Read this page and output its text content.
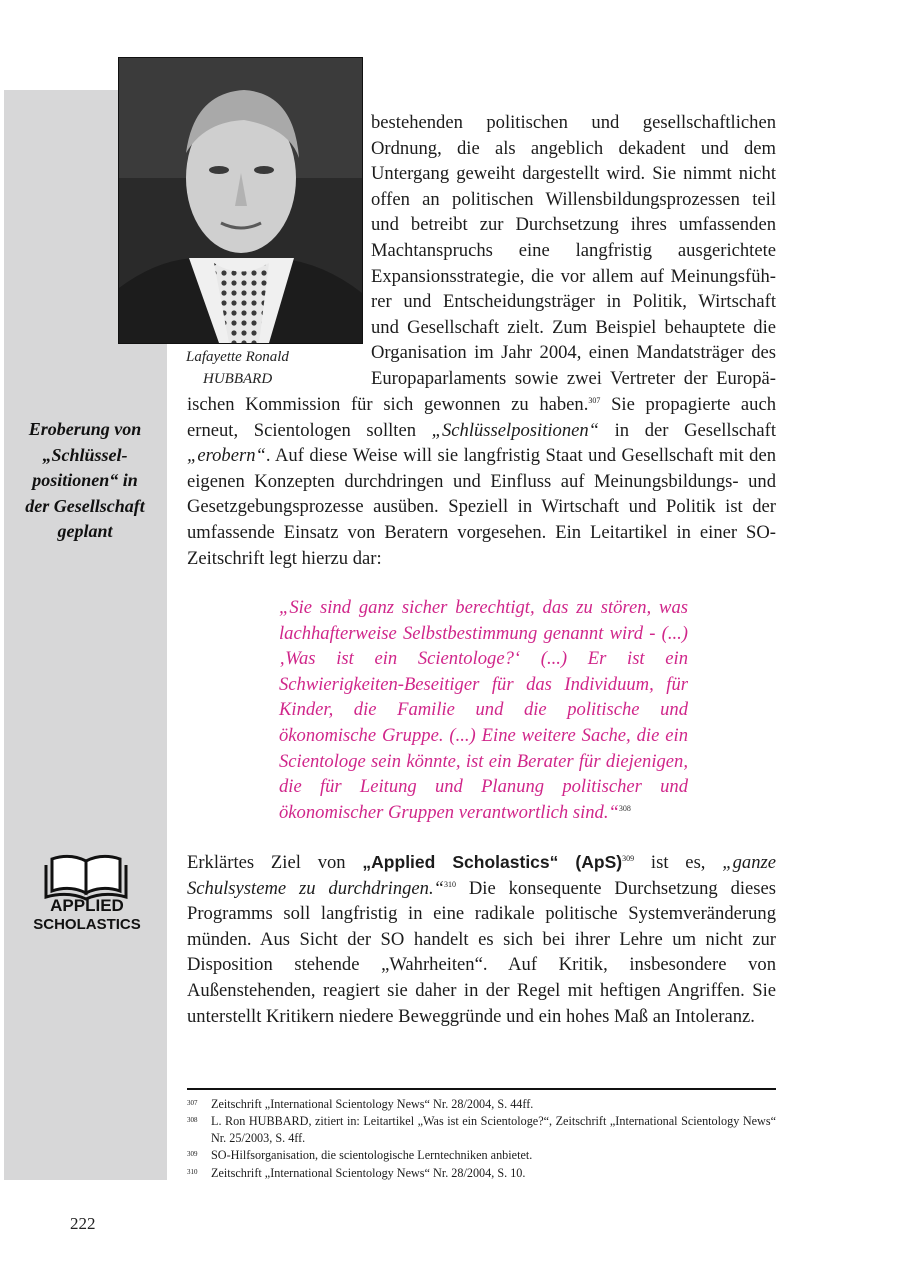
Lafayette Ronald
HUBBARD
Eroberung von
„Schlüssel-
positionen“ in
der Gesellschaft
geplant
bestehenden politischen und gesellschaftlichen
Ordnung, die als angeblich dekadent und dem
Untergang geweiht dargestellt wird. Sie nimmt nicht
offen an politischen Willensbildungsprozessen teil
und betreibt zur Durchsetzung ihres umfassenden
Machtanspruchs eine langfristig ausgerichtete
Expansionsstrategie, die vor allem auf Meinungsfüh-
rer und Entscheidungsträger in Politik, Wirtschaft
und Gesellschaft zielt. Zum Beispiel behauptete die
Organisation im Jahr 2004, einen Mandatsträger des
Europaparlaments sowie zwei Vertreter der Europä-
ischen Kommission für sich gewonnen zu haben.$^{307}$ Sie propagierte auch erneut, Scientologen sollten „Schlüsselpositionen“ in der Gesellschaft „erobern“. Auf diese Weise will sie langfristig Staat und Gesellschaft mit den eigenen Konzepten durchdringen und Einfluss auf Meinungsbildungs- und Gesetzgebungsprozesse ausüben. Speziell in Wirtschaft und Politik ist der umfassende Einsatz von Beratern vorgesehen. Ein Leitartikel in einer SO-Zeitschrift legt hierzu dar:
„Sie sind ganz sicher berechtigt, das zu stören, was lachhafterweise Selbstbestimmung genannt wird - (...) ‚Was ist ein Scientologe?‘ (...) Er ist ein Schwierigkeiten-Beseitiger für das Individuum, für Kinder, die Familie und die politische und ökonomische Gruppe. (...) Eine weitere Sache, die ein Scientologe sein könnte, ist ein Berater für diejenigen, die für Leitung und Planung politischer und ökonomischer Gruppen verantwortlich sind.“$^{308}$
APPLIED
SCHOLASTICS
Erklärtes Ziel von „Applied Scholastics“ (ApS)$^{309}$ ist es, „ganze Schulsysteme zu durchdringen.“$^{310}$ Die konsequente Durchsetzung dieses Programms soll langfristig in eine radikale politische Systemveränderung münden. Aus Sicht der SO handelt es sich bei ihrer Lehre um nicht zur Disposition stehende „Wahrheiten“. Auf Kritik, insbesondere von Außenstehenden, reagiert sie daher in der Regel mit heftigen Angriffen. Sie unterstellt Kritikern niedere Beweggründe und ein hohes Maß an Intoleranz.
307	Zeitschrift „International Scientology News“ Nr. 28/2004, S. 44ff.
308	L. Ron HUBBARD, zitiert in: Leitartikel „Was ist ein Scientologe?“, Zeitschrift „International Scientology News“ Nr. 25/2003, S. 4ff.
309	SO-Hilfsorganisation, die scientologische Lerntechniken anbietet.
310	Zeitschrift „International Scientology News“ Nr. 28/2004, S. 10.
222
